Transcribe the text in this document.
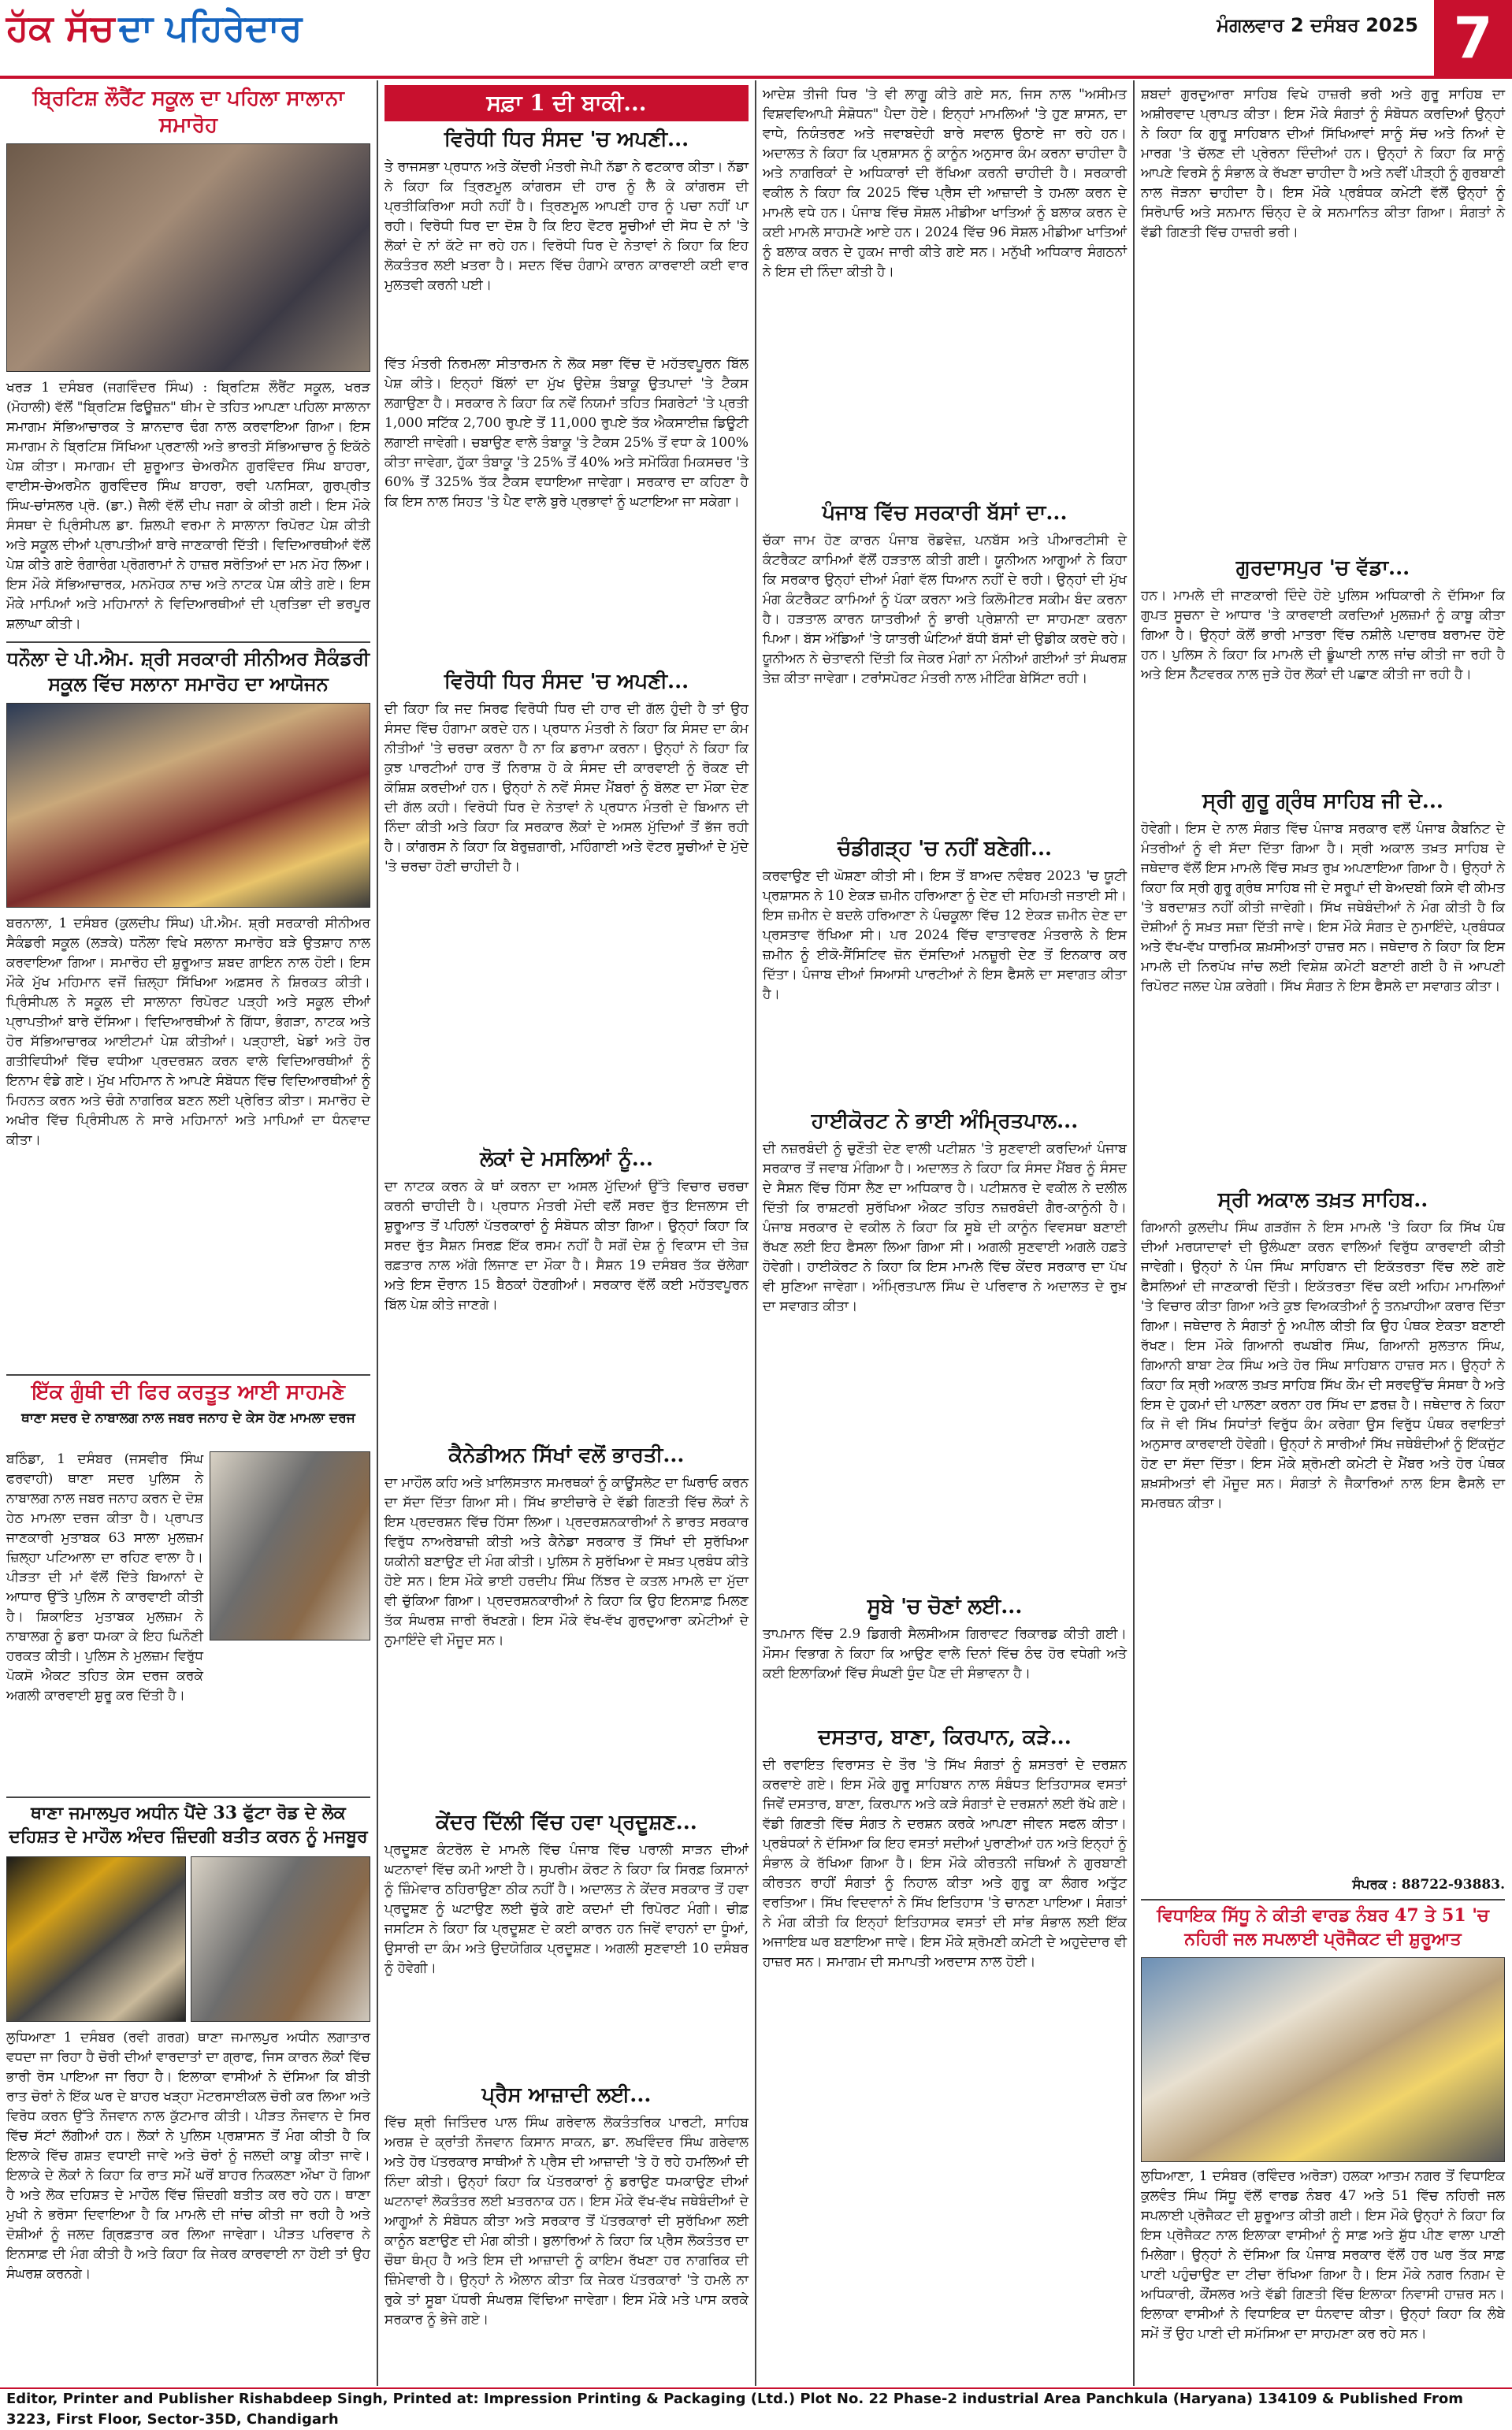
ਹੱਕ ਸੱਚ ਦਾ ਪਹਿਰੇਦਾਰ	ਮੰਗਲਵਾਰ 2 ਦਸੰਬਰ 2025 7
ਬ੍ਰਿਟਿਸ਼ ਲੌਰੈਂਟ ਸਕੂਲ ਦਾ ਪਹਿਲਾ ਸਾਲਾਨਾ ਸਮਾਰੋਹ
ਖਰੜ 1 ਦਸੰਬਰ (ਜਗਵਿੰਦਰ ਸਿੰਘ) : ਬ੍ਰਿਟਿਸ਼ ਲੌਰੈਂਟ ਸਕੂਲ, ਖਰੜ (ਮੋਹਾਲੀ) ਵੱਲੋਂ "ਬ੍ਰਿਟਿਸ਼ ਫਿਊਜ਼ਨ" ਥੀਮ ਦੇ ਤਹਿਤ ਆਪਣਾ ਪਹਿਲਾ ਸਾਲਾਨਾ ਸਮਾਗਮ ਸੱਭਿਆਚਾਰਕ ਤੇ ਸ਼ਾਨਦਾਰ ਢੰਗ ਨਾਲ ਕਰਵਾਇਆ ਗਿਆ। ਇਸ ਸਮਾਗਮ ਨੇ ਬ੍ਰਿਟਿਸ਼ ਸਿੱਖਿਆ ਪ੍ਰਣਾਲੀ ਅਤੇ ਭਾਰਤੀ ਸੱਭਿਆਚਾਰ ਨੂੰ ਇਕੱਠੇ ਪੇਸ਼ ਕੀਤਾ। ਸਮਾਗਮ ਦੀ ਸ਼ੁਰੂਆਤ ਚੇਅਰਮੈਨ ਗੁਰਵਿੰਦਰ ਸਿੰਘ ਬਾਹਰਾ, ਵਾਈਸ-ਚੇਅਰਮੈਨ ਗੁਰਵਿੰਦਰ ਸਿੰਘ ਬਾਹਰਾ, ਰਵੀ ਪਨਸਿਕਾ, ਗੁਰਪ੍ਰੀਤ ਸਿੰਘ-ਚਾਂਸਲਰ ਪ੍ਰੋ. (ਡਾ.) ਜੈਲੀ ਵੱਲੋਂ ਦੀਪ ਜਗਾ ਕੇ ਕੀਤੀ ਗਈ। ਇਸ ਮੌਕੇ ਸੰਸਥਾ ਦੇ ਪ੍ਰਿੰਸੀਪਲ ਡਾ. ਸ਼ਿਲਪੀ ਵਰਮਾ ਨੇ ਸਾਲਾਨਾ ਰਿਪੋਰਟ ਪੇਸ਼ ਕੀਤੀ ਅਤੇ ਸਕੂਲ ਦੀਆਂ ਪ੍ਰਾਪਤੀਆਂ ਬਾਰੇ ਜਾਣਕਾਰੀ ਦਿੱਤੀ। ਵਿਦਿਆਰਥੀਆਂ ਵੱਲੋਂ ਪੇਸ਼ ਕੀਤੇ ਗਏ ਰੰਗਾਰੰਗ ਪ੍ਰੋਗਰਾਮਾਂ ਨੇ ਹਾਜ਼ਰ ਸਰੋਤਿਆਂ ਦਾ ਮਨ ਮੋਹ ਲਿਆ। ਇਸ ਮੌਕੇ ਸੱਭਿਆਚਾਰਕ, ਮਨਮੋਹਕ ਨਾਚ ਅਤੇ ਨਾਟਕ ਪੇਸ਼ ਕੀਤੇ ਗਏ। ਇਸ ਮੌਕੇ ਮਾਪਿਆਂ ਅਤੇ ਮਹਿਮਾਨਾਂ ਨੇ ਵਿਦਿਆਰਥੀਆਂ ਦੀ ਪ੍ਰਤਿਭਾ ਦੀ ਭਰਪੂਰ ਸ਼ਲਾਘਾ ਕੀਤੀ।
ਧਨੌਲਾ ਦੇ ਪੀ.ਐਮ. ਸ਼੍ਰੀ ਸਰਕਾਰੀ ਸੀਨੀਅਰ ਸੈਕੰਡਰੀ ਸਕੂਲ ਵਿੱਚ ਸਲਾਨਾ ਸਮਾਰੋਹ ਦਾ ਆਯੋਜਨ
ਬਰਨਾਲਾ, 1 ਦਸੰਬਰ (ਕੁਲਦੀਪ ਸਿੰਘ) ਪੀ.ਐਮ. ਸ਼੍ਰੀ ਸਰਕਾਰੀ ਸੀਨੀਅਰ ਸੈਕੰਡਰੀ ਸਕੂਲ (ਲੜਕੇ) ਧਨੌਲਾ ਵਿਖੇ ਸਲਾਨਾ ਸਮਾਰੋਹ ਬੜੇ ਉਤਸ਼ਾਹ ਨਾਲ ਕਰਵਾਇਆ ਗਿਆ। ਸਮਾਰੋਹ ਦੀ ਸ਼ੁਰੂਆਤ ਸ਼ਬਦ ਗਾਇਨ ਨਾਲ ਹੋਈ। ਇਸ ਮੌਕੇ ਮੁੱਖ ਮਹਿਮਾਨ ਵਜੋਂ ਜ਼ਿਲ੍ਹਾ ਸਿੱਖਿਆ ਅਫ਼ਸਰ ਨੇ ਸ਼ਿਰਕਤ ਕੀਤੀ। ਪ੍ਰਿੰਸੀਪਲ ਨੇ ਸਕੂਲ ਦੀ ਸਾਲਾਨਾ ਰਿਪੋਰਟ ਪੜ੍ਹੀ ਅਤੇ ਸਕੂਲ ਦੀਆਂ ਪ੍ਰਾਪਤੀਆਂ ਬਾਰੇ ਦੱਸਿਆ। ਵਿਦਿਆਰਥੀਆਂ ਨੇ ਗਿੱਧਾ, ਭੰਗੜਾ, ਨਾਟਕ ਅਤੇ ਹੋਰ ਸੱਭਿਆਚਾਰਕ ਆਈਟਮਾਂ ਪੇਸ਼ ਕੀਤੀਆਂ। ਪੜ੍ਹਾਈ, ਖੇਡਾਂ ਅਤੇ ਹੋਰ ਗਤੀਵਿਧੀਆਂ ਵਿੱਚ ਵਧੀਆ ਪ੍ਰਦਰਸ਼ਨ ਕਰਨ ਵਾਲੇ ਵਿਦਿਆਰਥੀਆਂ ਨੂੰ ਇਨਾਮ ਵੰਡੇ ਗਏ। ਮੁੱਖ ਮਹਿਮਾਨ ਨੇ ਆਪਣੇ ਸੰਬੋਧਨ ਵਿੱਚ ਵਿਦਿਆਰਥੀਆਂ ਨੂੰ ਮਿਹਨਤ ਕਰਨ ਅਤੇ ਚੰਗੇ ਨਾਗਰਿਕ ਬਣਨ ਲਈ ਪ੍ਰੇਰਿਤ ਕੀਤਾ। ਸਮਾਰੋਹ ਦੇ ਅਖੀਰ ਵਿੱਚ ਪ੍ਰਿੰਸੀਪਲ ਨੇ ਸਾਰੇ ਮਹਿਮਾਨਾਂ ਅਤੇ ਮਾਪਿਆਂ ਦਾ ਧੰਨਵਾਦ ਕੀਤਾ।
ਇੱਕ ਗੁੰਥੀ ਦੀ ਫਿਰ ਕਰਤੂਤ ਆਈ ਸਾਹਮਣੇ
ਥਾਣਾ ਸਦਰ ਦੇ ਨਾਬਾਲਗ ਨਾਲ ਜਬਰ ਜਨਾਹ ਦੇ ਕੇਸ ਹੋਣ ਮਾਮਲਾ ਦਰਜ
ਬਠਿੰਡਾ, 1 ਦਸੰਬਰ (ਜਸਵੀਰ ਸਿੰਘ ਫਰਵਾਹੀ) ਥਾਣਾ ਸਦਰ ਪੁਲਿਸ ਨੇ ਨਾਬਾਲਗ ਨਾਲ ਜਬਰ ਜਨਾਹ ਕਰਨ ਦੇ ਦੋਸ਼ ਹੇਠ ਮਾਮਲਾ ਦਰਜ ਕੀਤਾ ਹੈ। ਪ੍ਰਾਪਤ ਜਾਣਕਾਰੀ ਮੁਤਾਬਕ 63 ਸਾਲਾ ਮੁਲਜ਼ਮ ਜ਼ਿਲ੍ਹਾ ਪਟਿਆਲਾ ਦਾ ਰਹਿਣ ਵਾਲਾ ਹੈ। ਪੀੜਤਾ ਦੀ ਮਾਂ ਵੱਲੋਂ ਦਿੱਤੇ ਬਿਆਨਾਂ ਦੇ ਆਧਾਰ ਉੱਤੇ ਪੁਲਿਸ ਨੇ ਕਾਰਵਾਈ ਕੀਤੀ ਹੈ। ਸ਼ਿਕਾਇਤ ਮੁਤਾਬਕ ਮੁਲਜ਼ਮ ਨੇ ਨਾਬਾਲਗ ਨੂੰ ਡਰਾ ਧਮਕਾ ਕੇ ਇਹ ਘਿਨੌਣੀ ਹਰਕਤ ਕੀਤੀ। ਪੁਲਿਸ ਨੇ ਮੁਲਜ਼ਮ ਵਿਰੁੱਧ ਪੋਕਸੋ ਐਕਟ ਤਹਿਤ ਕੇਸ ਦਰਜ ਕਰਕੇ ਅਗਲੀ ਕਾਰਵਾਈ ਸ਼ੁਰੂ ਕਰ ਦਿੱਤੀ ਹੈ।
ਥਾਣਾ ਜਮਾਲਪੁਰ ਅਧੀਨ ਪੈਂਦੇ 33 ਫੁੱਟਾ ਰੋਡ ਦੇ ਲੋਕ ਦਹਿਸ਼ਤ ਦੇ ਮਾਹੌਲ ਅੰਦਰ ਜ਼ਿੰਦਗੀ ਬਤੀਤ ਕਰਨ ਨੂੰ ਮਜਬੂਰ
ਲੁਧਿਆਣਾ 1 ਦਸੰਬਰ (ਰਵੀ ਗਰਗ) ਥਾਣਾ ਜਮਾਲਪੁਰ ਅਧੀਨ ਲਗਾਤਾਰ ਵਧਦਾ ਜਾ ਰਿਹਾ ਹੈ ਚੋਰੀ ਦੀਆਂ ਵਾਰਦਾਤਾਂ ਦਾ ਗ੍ਰਾਫ, ਜਿਸ ਕਾਰਨ ਲੋਕਾਂ ਵਿੱਚ ਭਾਰੀ ਰੋਸ ਪਾਇਆ ਜਾ ਰਿਹਾ ਹੈ। ਇਲਾਕਾ ਵਾਸੀਆਂ ਨੇ ਦੱਸਿਆ ਕਿ ਬੀਤੀ ਰਾਤ ਚੋਰਾਂ ਨੇ ਇੱਕ ਘਰ ਦੇ ਬਾਹਰ ਖੜ੍ਹਾ ਮੋਟਰਸਾਈਕਲ ਚੋਰੀ ਕਰ ਲਿਆ ਅਤੇ ਵਿਰੋਧ ਕਰਨ ਉੱਤੇ ਨੌਜਵਾਨ ਨਾਲ ਕੁੱਟਮਾਰ ਕੀਤੀ। ਪੀੜਤ ਨੌਜਵਾਨ ਦੇ ਸਿਰ ਵਿੱਚ ਸੱਟਾਂ ਲੱਗੀਆਂ ਹਨ। ਲੋਕਾਂ ਨੇ ਪੁਲਿਸ ਪ੍ਰਸ਼ਾਸਨ ਤੋਂ ਮੰਗ ਕੀਤੀ ਹੈ ਕਿ ਇਲਾਕੇ ਵਿੱਚ ਗਸ਼ਤ ਵਧਾਈ ਜਾਵੇ ਅਤੇ ਚੋਰਾਂ ਨੂੰ ਜਲਦੀ ਕਾਬੂ ਕੀਤਾ ਜਾਵੇ। ਇਲਾਕੇ ਦੇ ਲੋਕਾਂ ਨੇ ਕਿਹਾ ਕਿ ਰਾਤ ਸਮੇਂ ਘਰੋਂ ਬਾਹਰ ਨਿਕਲਣਾ ਔਖਾ ਹੋ ਗਿਆ ਹੈ ਅਤੇ ਲੋਕ ਦਹਿਸ਼ਤ ਦੇ ਮਾਹੌਲ ਵਿੱਚ ਜ਼ਿੰਦਗੀ ਬਤੀਤ ਕਰ ਰਹੇ ਹਨ। ਥਾਣਾ ਮੁਖੀ ਨੇ ਭਰੋਸਾ ਦਿਵਾਇਆ ਹੈ ਕਿ ਮਾਮਲੇ ਦੀ ਜਾਂਚ ਕੀਤੀ ਜਾ ਰਹੀ ਹੈ ਅਤੇ ਦੋਸ਼ੀਆਂ ਨੂੰ ਜਲਦ ਗ੍ਰਿਫ਼ਤਾਰ ਕਰ ਲਿਆ ਜਾਵੇਗਾ। ਪੀੜਤ ਪਰਿਵਾਰ ਨੇ ਇਨਸਾਫ਼ ਦੀ ਮੰਗ ਕੀਤੀ ਹੈ ਅਤੇ ਕਿਹਾ ਕਿ ਜੇਕਰ ਕਾਰਵਾਈ ਨਾ ਹੋਈ ਤਾਂ ਉਹ ਸੰਘਰਸ਼ ਕਰਨਗੇ।
ਸਫ਼ਾ 1 ਦੀ ਬਾਕੀ...
ਵਿਰੋਧੀ ਧਿਰ ਸੰਸਦ 'ਚ ਅਪਣੀ...
ਤੇ ਰਾਜਸਭਾ ਪ੍ਰਧਾਨ ਅਤੇ ਕੇਂਦਰੀ ਮੰਤਰੀ ਜੇਪੀ ਨੱਡਾ ਨੇ ਫਟਕਾਰ ਕੀਤਾ। ਨੱਡਾ ਨੇ ਕਿਹਾ ਕਿ ਤ੍ਰਿਣਮੂਲ ਕਾਂਗਰਸ ਦੀ ਹਾਰ ਨੂੰ ਲੈ ਕੇ ਕਾਂਗਰਸ ਦੀ ਪ੍ਰਤੀਕਿਰਿਆ ਸਹੀ ਨਹੀਂ ਹੈ। ਤ੍ਰਿਣਮੂਲ ਆਪਣੀ ਹਾਰ ਨੂੰ ਪਚਾ ਨਹੀਂ ਪਾ ਰਹੀ। ਵਿਰੋਧੀ ਧਿਰ ਦਾ ਦੋਸ਼ ਹੈ ਕਿ ਇਹ ਵੋਟਰ ਸੂਚੀਆਂ ਦੀ ਸੋਧ ਦੇ ਨਾਂ 'ਤੇ ਲੋਕਾਂ ਦੇ ਨਾਂ ਕੱਟੇ ਜਾ ਰਹੇ ਹਨ। ਵਿਰੋਧੀ ਧਿਰ ਦੇ ਨੇਤਾਵਾਂ ਨੇ ਕਿਹਾ ਕਿ ਇਹ ਲੋਕਤੰਤਰ ਲਈ ਖ਼ਤਰਾ ਹੈ। ਸਦਨ ਵਿੱਚ ਹੰਗਾਮੇ ਕਾਰਨ ਕਾਰਵਾਈ ਕਈ ਵਾਰ ਮੁਲਤਵੀ ਕਰਨੀ ਪਈ।
ਵਿੱਤ ਮੰਤਰੀ ਨਿਰਮਲਾ ਸੀਤਾਰਮਨ ਨੇ ਲੋਕ ਸਭਾ ਵਿੱਚ ਦੋ ਮਹੱਤਵਪੂਰਨ ਬਿੱਲ ਪੇਸ਼ ਕੀਤੇ। ਇਨ੍ਹਾਂ ਬਿੱਲਾਂ ਦਾ ਮੁੱਖ ਉਦੇਸ਼ ਤੰਬਾਕੂ ਉਤਪਾਦਾਂ 'ਤੇ ਟੈਕਸ ਲਗਾਉਣਾ ਹੈ। ਸਰਕਾਰ ਨੇ ਕਿਹਾ ਕਿ ਨਵੇਂ ਨਿਯਮਾਂ ਤਹਿਤ ਸਿਗਰੇਟਾਂ 'ਤੇ ਪ੍ਰਤੀ 1,000 ਸਟਿੱਕ 2,700 ਰੁਪਏ ਤੋਂ 11,000 ਰੁਪਏ ਤੱਕ ਐਕਸਾਈਜ਼ ਡਿਊਟੀ ਲਗਾਈ ਜਾਵੇਗੀ। ਚਬਾਉਣ ਵਾਲੇ ਤੰਬਾਕੂ 'ਤੇ ਟੈਕਸ 25% ਤੋਂ ਵਧਾ ਕੇ 100% ਕੀਤਾ ਜਾਵੇਗਾ, ਹੁੱਕਾ ਤੰਬਾਕੂ 'ਤੇ 25% ਤੋਂ 40% ਅਤੇ ਸਮੋਕਿੰਗ ਮਿਕਸਚਰ 'ਤੇ 60% ਤੋਂ 325% ਤੱਕ ਟੈਕਸ ਵਧਾਇਆ ਜਾਵੇਗਾ। ਸਰਕਾਰ ਦਾ ਕਹਿਣਾ ਹੈ ਕਿ ਇਸ ਨਾਲ ਸਿਹਤ 'ਤੇ ਪੈਣ ਵਾਲੇ ਬੁਰੇ ਪ੍ਰਭਾਵਾਂ ਨੂੰ ਘਟਾਇਆ ਜਾ ਸਕੇਗਾ।
ਵਿਰੋਧੀ ਧਿਰ ਸੰਸਦ 'ਚ ਅਪਣੀ...
ਦੀ ਕਿਹਾ ਕਿ ਜਦ ਸਿਰਫ ਵਿਰੋਧੀ ਧਿਰ ਦੀ ਹਾਰ ਦੀ ਗੱਲ ਹੁੰਦੀ ਹੈ ਤਾਂ ਉਹ ਸੰਸਦ ਵਿੱਚ ਹੰਗਾਮਾ ਕਰਦੇ ਹਨ। ਪ੍ਰਧਾਨ ਮੰਤਰੀ ਨੇ ਕਿਹਾ ਕਿ ਸੰਸਦ ਦਾ ਕੰਮ ਨੀਤੀਆਂ 'ਤੇ ਚਰਚਾ ਕਰਨਾ ਹੈ ਨਾ ਕਿ ਡਰਾਮਾ ਕਰਨਾ। ਉਨ੍ਹਾਂ ਨੇ ਕਿਹਾ ਕਿ ਕੁਝ ਪਾਰਟੀਆਂ ਹਾਰ ਤੋਂ ਨਿਰਾਸ਼ ਹੋ ਕੇ ਸੰਸਦ ਦੀ ਕਾਰਵਾਈ ਨੂੰ ਰੋਕਣ ਦੀ ਕੋਸ਼ਿਸ਼ ਕਰਦੀਆਂ ਹਨ। ਉਨ੍ਹਾਂ ਨੇ ਨਵੇਂ ਸੰਸਦ ਮੈਂਬਰਾਂ ਨੂੰ ਬੋਲਣ ਦਾ ਮੌਕਾ ਦੇਣ ਦੀ ਗੱਲ ਕਹੀ। ਵਿਰੋਧੀ ਧਿਰ ਦੇ ਨੇਤਾਵਾਂ ਨੇ ਪ੍ਰਧਾਨ ਮੰਤਰੀ ਦੇ ਬਿਆਨ ਦੀ ਨਿੰਦਾ ਕੀਤੀ ਅਤੇ ਕਿਹਾ ਕਿ ਸਰਕਾਰ ਲੋਕਾਂ ਦੇ ਅਸਲ ਮੁੱਦਿਆਂ ਤੋਂ ਭੱਜ ਰਹੀ ਹੈ। ਕਾਂਗਰਸ ਨੇ ਕਿਹਾ ਕਿ ਬੇਰੁਜ਼ਗਾਰੀ, ਮਹਿੰਗਾਈ ਅਤੇ ਵੋਟਰ ਸੂਚੀਆਂ ਦੇ ਮੁੱਦੇ 'ਤੇ ਚਰਚਾ ਹੋਣੀ ਚਾਹੀਦੀ ਹੈ।
ਲੋਕਾਂ ਦੇ ਮਸਲਿਆਂ ਨੂੰ...
ਦਾ ਨਾਟਕ ਕਰਨ ਕੇ ਥਾਂ ਕਰਨਾ ਦਾ ਅਸਲ ਮੁੱਦਿਆਂ ਉੱਤੇ ਵਿਚਾਰ ਚਰਚਾ ਕਰਨੀ ਚਾਹੀਦੀ ਹੈ। ਪ੍ਰਧਾਨ ਮੰਤਰੀ ਮੋਦੀ ਵਲੋਂ ਸਰਦ ਰੁੱਤ ਇਜਲਾਸ ਦੀ ਸ਼ੁਰੂਆਤ ਤੋਂ ਪਹਿਲਾਂ ਪੱਤਰਕਾਰਾਂ ਨੂੰ ਸੰਬੋਧਨ ਕੀਤਾ ਗਿਆ। ਉਨ੍ਹਾਂ ਕਿਹਾ ਕਿ ਸਰਦ ਰੁੱਤ ਸੈਸ਼ਨ ਸਿਰਫ਼ ਇੱਕ ਰਸਮ ਨਹੀਂ ਹੈ ਸਗੋਂ ਦੇਸ਼ ਨੂੰ ਵਿਕਾਸ ਦੀ ਤੇਜ਼ ਰਫ਼ਤਾਰ ਨਾਲ ਅੱਗੇ ਲਿਜਾਣ ਦਾ ਮੌਕਾ ਹੈ। ਸੈਸ਼ਨ 19 ਦਸੰਬਰ ਤੱਕ ਚੱਲੇਗਾ ਅਤੇ ਇਸ ਦੌਰਾਨ 15 ਬੈਠਕਾਂ ਹੋਣਗੀਆਂ। ਸਰਕਾਰ ਵੱਲੋਂ ਕਈ ਮਹੱਤਵਪੂਰਨ ਬਿੱਲ ਪੇਸ਼ ਕੀਤੇ ਜਾਣਗੇ।
ਕੈਨੇਡੀਅਨ ਸਿੱਖਾਂ ਵਲੋਂ ਭਾਰਤੀ...
ਦਾ ਮਾਹੌਲ ਕਹਿ ਅਤੇ ਖ਼ਾਲਿਸਤਾਨ ਸਮਰਥਕਾਂ ਨੂੰ ਕਾਊਂਸਲੇਟ ਦਾ ਘਿਰਾਓ ਕਰਨ ਦਾ ਸੱਦਾ ਦਿੱਤਾ ਗਿਆ ਸੀ। ਸਿੱਖ ਭਾਈਚਾਰੇ ਦੇ ਵੱਡੀ ਗਿਣਤੀ ਵਿੱਚ ਲੋਕਾਂ ਨੇ ਇਸ ਪ੍ਰਦਰਸ਼ਨ ਵਿੱਚ ਹਿੱਸਾ ਲਿਆ। ਪ੍ਰਦਰਸ਼ਨਕਾਰੀਆਂ ਨੇ ਭਾਰਤ ਸਰਕਾਰ ਵਿਰੁੱਧ ਨਾਅਰੇਬਾਜ਼ੀ ਕੀਤੀ ਅਤੇ ਕੈਨੇਡਾ ਸਰਕਾਰ ਤੋਂ ਸਿੱਖਾਂ ਦੀ ਸੁਰੱਖਿਆ ਯਕੀਨੀ ਬਣਾਉਣ ਦੀ ਮੰਗ ਕੀਤੀ। ਪੁਲਿਸ ਨੇ ਸੁਰੱਖਿਆ ਦੇ ਸਖ਼ਤ ਪ੍ਰਬੰਧ ਕੀਤੇ ਹੋਏ ਸਨ। ਇਸ ਮੌਕੇ ਭਾਈ ਹਰਦੀਪ ਸਿੰਘ ਨਿੱਝਰ ਦੇ ਕਤਲ ਮਾਮਲੇ ਦਾ ਮੁੱਦਾ ਵੀ ਚੁੱਕਿਆ ਗਿਆ। ਪ੍ਰਦਰਸ਼ਨਕਾਰੀਆਂ ਨੇ ਕਿਹਾ ਕਿ ਉਹ ਇਨਸਾਫ਼ ਮਿਲਣ ਤੱਕ ਸੰਘਰਸ਼ ਜਾਰੀ ਰੱਖਣਗੇ। ਇਸ ਮੌਕੇ ਵੱਖ-ਵੱਖ ਗੁਰਦੁਆਰਾ ਕਮੇਟੀਆਂ ਦੇ ਨੁਮਾਇੰਦੇ ਵੀ ਮੌਜੂਦ ਸਨ।
ਕੇਂਦਰ ਦਿੱਲੀ ਵਿੱਚ ਹਵਾ ਪ੍ਰਦੂਸ਼ਣ...
ਪ੍ਰਦੂਸ਼ਣ ਕੰਟਰੋਲ ਦੇ ਮਾਮਲੇ ਵਿੱਚ ਪੰਜਾਬ ਵਿੱਚ ਪਰਾਲੀ ਸਾੜਨ ਦੀਆਂ ਘਟਨਾਵਾਂ ਵਿੱਚ ਕਮੀ ਆਈ ਹੈ। ਸੁਪਰੀਮ ਕੋਰਟ ਨੇ ਕਿਹਾ ਕਿ ਸਿਰਫ਼ ਕਿਸਾਨਾਂ ਨੂੰ ਜ਼ਿੰਮੇਵਾਰ ਠਹਿਰਾਉਣਾ ਠੀਕ ਨਹੀਂ ਹੈ। ਅਦਾਲਤ ਨੇ ਕੇਂਦਰ ਸਰਕਾਰ ਤੋਂ ਹਵਾ ਪ੍ਰਦੂਸ਼ਣ ਨੂੰ ਘਟਾਉਣ ਲਈ ਚੁੱਕੇ ਗਏ ਕਦਮਾਂ ਦੀ ਰਿਪੋਰਟ ਮੰਗੀ। ਚੀਫ਼ ਜਸਟਿਸ ਨੇ ਕਿਹਾ ਕਿ ਪ੍ਰਦੂਸ਼ਣ ਦੇ ਕਈ ਕਾਰਨ ਹਨ ਜਿਵੇਂ ਵਾਹਨਾਂ ਦਾ ਧੂੰਆਂ, ਉਸਾਰੀ ਦਾ ਕੰਮ ਅਤੇ ਉਦਯੋਗਿਕ ਪ੍ਰਦੂਸ਼ਣ। ਅਗਲੀ ਸੁਣਵਾਈ 10 ਦਸੰਬਰ ਨੂੰ ਹੋਵੇਗੀ।
ਪ੍ਰੈਸ ਆਜ਼ਾਦੀ ਲਈ...
ਵਿੱਚ ਸ਼੍ਰੀ ਜਿਤਿੰਦਰ ਪਾਲ ਸਿੰਘ ਗਰੇਵਾਲ ਲੋਕਤੰਤਰਿਕ ਪਾਰਟੀ, ਸਾਹਿਬ ਅਰਸ਼ ਦੇ ਕ੍ਰਾਂਤੀ ਨੌਜਵਾਨ ਕਿਸਾਨ ਸਾਕਨ, ਡਾ. ਲਖਵਿੰਦਰ ਸਿੰਘ ਗਰੇਵਾਲ ਅਤੇ ਹੋਰ ਪੱਤਰਕਾਰ ਸਾਥੀਆਂ ਨੇ ਪ੍ਰੈਸ ਦੀ ਆਜ਼ਾਦੀ 'ਤੇ ਹੋ ਰਹੇ ਹਮਲਿਆਂ ਦੀ ਨਿੰਦਾ ਕੀਤੀ। ਉਨ੍ਹਾਂ ਕਿਹਾ ਕਿ ਪੱਤਰਕਾਰਾਂ ਨੂੰ ਡਰਾਉਣ ਧਮਕਾਉਣ ਦੀਆਂ ਘਟਨਾਵਾਂ ਲੋਕਤੰਤਰ ਲਈ ਖ਼ਤਰਨਾਕ ਹਨ। ਇਸ ਮੌਕੇ ਵੱਖ-ਵੱਖ ਜਥੇਬੰਦੀਆਂ ਦੇ ਆਗੂਆਂ ਨੇ ਸੰਬੋਧਨ ਕੀਤਾ ਅਤੇ ਸਰਕਾਰ ਤੋਂ ਪੱਤਰਕਾਰਾਂ ਦੀ ਸੁਰੱਖਿਆ ਲਈ ਕਾਨੂੰਨ ਬਣਾਉਣ ਦੀ ਮੰਗ ਕੀਤੀ। ਬੁਲਾਰਿਆਂ ਨੇ ਕਿਹਾ ਕਿ ਪ੍ਰੈਸ ਲੋਕਤੰਤਰ ਦਾ ਚੌਥਾ ਥੰਮ੍ਹ ਹੈ ਅਤੇ ਇਸ ਦੀ ਆਜ਼ਾਦੀ ਨੂੰ ਕਾਇਮ ਰੱਖਣਾ ਹਰ ਨਾਗਰਿਕ ਦੀ ਜ਼ਿੰਮੇਵਾਰੀ ਹੈ। ਉਨ੍ਹਾਂ ਨੇ ਐਲਾਨ ਕੀਤਾ ਕਿ ਜੇਕਰ ਪੱਤਰਕਾਰਾਂ 'ਤੇ ਹਮਲੇ ਨਾ ਰੁਕੇ ਤਾਂ ਸੂਬਾ ਪੱਧਰੀ ਸੰਘਰਸ਼ ਵਿੱਢਿਆ ਜਾਵੇਗਾ। ਇਸ ਮੌਕੇ ਮਤੇ ਪਾਸ ਕਰਕੇ ਸਰਕਾਰ ਨੂੰ ਭੇਜੇ ਗਏ।
ਆਦੇਸ਼ ਤੀਜੀ ਧਿਰ 'ਤੇ ਵੀ ਲਾਗੂ ਕੀਤੇ ਗਏ ਸਨ, ਜਿਸ ਨਾਲ "ਅਸੀਮਤ ਵਿਸ਼ਵਵਿਆਪੀ ਸੰਸ਼ੋਧਨ" ਪੈਦਾ ਹੋਏ। ਇਨ੍ਹਾਂ ਮਾਮਲਿਆਂ 'ਤੇ ਹੁਣ ਸ਼ਾਸਨ, ਦਾ ਵਾਧੇ, ਨਿਯੰਤਰਣ ਅਤੇ ਜਵਾਬਦੇਹੀ ਬਾਰੇ ਸਵਾਲ ਉਠਾਏ ਜਾ ਰਹੇ ਹਨ। ਅਦਾਲਤ ਨੇ ਕਿਹਾ ਕਿ ਪ੍ਰਸ਼ਾਸਨ ਨੂੰ ਕਾਨੂੰਨ ਅਨੁਸਾਰ ਕੰਮ ਕਰਨਾ ਚਾਹੀਦਾ ਹੈ ਅਤੇ ਨਾਗਰਿਕਾਂ ਦੇ ਅਧਿਕਾਰਾਂ ਦੀ ਰੱਖਿਆ ਕਰਨੀ ਚਾਹੀਦੀ ਹੈ। ਸਰਕਾਰੀ ਵਕੀਲ ਨੇ ਕਿਹਾ ਕਿ 2025 ਵਿੱਚ ਪ੍ਰੈਸ ਦੀ ਆਜ਼ਾਦੀ ਤੇ ਹਮਲਾ ਕਰਨ ਦੇ ਮਾਮਲੇ ਵਧੇ ਹਨ। ਪੰਜਾਬ ਵਿੱਚ ਸੋਸ਼ਲ ਮੀਡੀਆ ਖਾਤਿਆਂ ਨੂੰ ਬਲਾਕ ਕਰਨ ਦੇ ਕਈ ਮਾਮਲੇ ਸਾਹਮਣੇ ਆਏ ਹਨ। 2024 ਵਿੱਚ 96 ਸੋਸ਼ਲ ਮੀਡੀਆ ਖਾਤਿਆਂ ਨੂੰ ਬਲਾਕ ਕਰਨ ਦੇ ਹੁਕਮ ਜਾਰੀ ਕੀਤੇ ਗਏ ਸਨ। ਮਨੁੱਖੀ ਅਧਿਕਾਰ ਸੰਗਠਨਾਂ ਨੇ ਇਸ ਦੀ ਨਿੰਦਾ ਕੀਤੀ ਹੈ।
ਪੰਜਾਬ ਵਿੱਚ ਸਰਕਾਰੀ ਬੱਸਾਂ ਦਾ...
ਚੱਕਾ ਜਾਮ ਹੋਣ ਕਾਰਨ ਪੰਜਾਬ ਰੋਡਵੇਜ਼, ਪਨਬੱਸ ਅਤੇ ਪੀਆਰਟੀਸੀ ਦੇ ਕੰਟਰੈਕਟ ਕਾਮਿਆਂ ਵੱਲੋਂ ਹੜਤਾਲ ਕੀਤੀ ਗਈ। ਯੂਨੀਅਨ ਆਗੂਆਂ ਨੇ ਕਿਹਾ ਕਿ ਸਰਕਾਰ ਉਨ੍ਹਾਂ ਦੀਆਂ ਮੰਗਾਂ ਵੱਲ ਧਿਆਨ ਨਹੀਂ ਦੇ ਰਹੀ। ਉਨ੍ਹਾਂ ਦੀ ਮੁੱਖ ਮੰਗ ਕੰਟਰੈਕਟ ਕਾਮਿਆਂ ਨੂੰ ਪੱਕਾ ਕਰਨਾ ਅਤੇ ਕਿਲੋਮੀਟਰ ਸਕੀਮ ਬੰਦ ਕਰਨਾ ਹੈ। ਹੜਤਾਲ ਕਾਰਨ ਯਾਤਰੀਆਂ ਨੂੰ ਭਾਰੀ ਪ੍ਰੇਸ਼ਾਨੀ ਦਾ ਸਾਹਮਣਾ ਕਰਨਾ ਪਿਆ। ਬੱਸ ਅੱਡਿਆਂ 'ਤੇ ਯਾਤਰੀ ਘੰਟਿਆਂ ਬੱਧੀ ਬੱਸਾਂ ਦੀ ਉਡੀਕ ਕਰਦੇ ਰਹੇ। ਯੂਨੀਅਨ ਨੇ ਚੇਤਾਵਨੀ ਦਿੱਤੀ ਕਿ ਜੇਕਰ ਮੰਗਾਂ ਨਾ ਮੰਨੀਆਂ ਗਈਆਂ ਤਾਂ ਸੰਘਰਸ਼ ਤੇਜ਼ ਕੀਤਾ ਜਾਵੇਗਾ। ਟਰਾਂਸਪੋਰਟ ਮੰਤਰੀ ਨਾਲ ਮੀਟਿੰਗ ਬੇਸਿੱਟਾ ਰਹੀ।
ਚੰਡੀਗੜ੍ਹ 'ਚ ਨਹੀਂ ਬਣੇਗੀ...
ਕਰਵਾਉਣ ਦੀ ਘੋਸ਼ਣਾ ਕੀਤੀ ਸੀ। ਇਸ ਤੋਂ ਬਾਅਦ ਨਵੰਬਰ 2023 'ਚ ਯੂਟੀ ਪ੍ਰਸ਼ਾਸਨ ਨੇ 10 ਏਕੜ ਜ਼ਮੀਨ ਹਰਿਆਣਾ ਨੂੰ ਦੇਣ ਦੀ ਸਹਿਮਤੀ ਜਤਾਈ ਸੀ। ਇਸ ਜ਼ਮੀਨ ਦੇ ਬਦਲੇ ਹਰਿਆਣਾ ਨੇ ਪੰਚਕੂਲਾ ਵਿੱਚ 12 ਏਕੜ ਜ਼ਮੀਨ ਦੇਣ ਦਾ ਪ੍ਰਸਤਾਵ ਰੱਖਿਆ ਸੀ। ਪਰ 2024 ਵਿੱਚ ਵਾਤਾਵਰਣ ਮੰਤਰਾਲੇ ਨੇ ਇਸ ਜ਼ਮੀਨ ਨੂੰ ਈਕੋ-ਸੈਂਸਿਟਿਵ ਜ਼ੋਨ ਦੱਸਦਿਆਂ ਮਨਜ਼ੂਰੀ ਦੇਣ ਤੋਂ ਇਨਕਾਰ ਕਰ ਦਿੱਤਾ। ਪੰਜਾਬ ਦੀਆਂ ਸਿਆਸੀ ਪਾਰਟੀਆਂ ਨੇ ਇਸ ਫੈਸਲੇ ਦਾ ਸਵਾਗਤ ਕੀਤਾ ਹੈ।
ਹਾਈਕੋਰਟ ਨੇ ਭਾਈ ਅੰਮ੍ਰਿਤਪਾਲ...
ਦੀ ਨਜ਼ਰਬੰਦੀ ਨੂੰ ਚੁਣੌਤੀ ਦੇਣ ਵਾਲੀ ਪਟੀਸ਼ਨ 'ਤੇ ਸੁਣਵਾਈ ਕਰਦਿਆਂ ਪੰਜਾਬ ਸਰਕਾਰ ਤੋਂ ਜਵਾਬ ਮੰਗਿਆ ਹੈ। ਅਦਾਲਤ ਨੇ ਕਿਹਾ ਕਿ ਸੰਸਦ ਮੈਂਬਰ ਨੂੰ ਸੰਸਦ ਦੇ ਸੈਸ਼ਨ ਵਿੱਚ ਹਿੱਸਾ ਲੈਣ ਦਾ ਅਧਿਕਾਰ ਹੈ। ਪਟੀਸ਼ਨਰ ਦੇ ਵਕੀਲ ਨੇ ਦਲੀਲ ਦਿੱਤੀ ਕਿ ਰਾਸ਼ਟਰੀ ਸੁਰੱਖਿਆ ਐਕਟ ਤਹਿਤ ਨਜ਼ਰਬੰਦੀ ਗੈਰ-ਕਾਨੂੰਨੀ ਹੈ। ਪੰਜਾਬ ਸਰਕਾਰ ਦੇ ਵਕੀਲ ਨੇ ਕਿਹਾ ਕਿ ਸੂਬੇ ਦੀ ਕਾਨੂੰਨ ਵਿਵਸਥਾ ਬਣਾਈ ਰੱਖਣ ਲਈ ਇਹ ਫੈਸਲਾ ਲਿਆ ਗਿਆ ਸੀ। ਅਗਲੀ ਸੁਣਵਾਈ ਅਗਲੇ ਹਫ਼ਤੇ ਹੋਵੇਗੀ। ਹਾਈਕੋਰਟ ਨੇ ਕਿਹਾ ਕਿ ਇਸ ਮਾਮਲੇ ਵਿੱਚ ਕੇਂਦਰ ਸਰਕਾਰ ਦਾ ਪੱਖ ਵੀ ਸੁਣਿਆ ਜਾਵੇਗਾ। ਅੰਮ੍ਰਿਤਪਾਲ ਸਿੰਘ ਦੇ ਪਰਿਵਾਰ ਨੇ ਅਦਾਲਤ ਦੇ ਰੁਖ਼ ਦਾ ਸਵਾਗਤ ਕੀਤਾ।
ਸੂਬੇ 'ਚ ਚੋਣਾਂ ਲਈ...
ਤਾਪਮਾਨ ਵਿੱਚ 2.9 ਡਿਗਰੀ ਸੈਲਸੀਅਸ ਗਿਰਾਵਟ ਰਿਕਾਰਡ ਕੀਤੀ ਗਈ। ਮੌਸਮ ਵਿਭਾਗ ਨੇ ਕਿਹਾ ਕਿ ਆਉਣ ਵਾਲੇ ਦਿਨਾਂ ਵਿੱਚ ਠੰਢ ਹੋਰ ਵਧੇਗੀ ਅਤੇ ਕਈ ਇਲਾਕਿਆਂ ਵਿੱਚ ਸੰਘਣੀ ਧੁੰਦ ਪੈਣ ਦੀ ਸੰਭਾਵਨਾ ਹੈ।
ਦਸਤਾਰ, ਬਾਣਾ, ਕਿਰਪਾਨ, ਕੜੇ...
ਦੀ ਰਵਾਇਤ ਵਿਰਾਸਤ ਦੇ ਤੌਰ 'ਤੇ ਸਿੱਖ ਸੰਗਤਾਂ ਨੂੰ ਸ਼ਸਤਰਾਂ ਦੇ ਦਰਸ਼ਨ ਕਰਵਾਏ ਗਏ। ਇਸ ਮੌਕੇ ਗੁਰੂ ਸਾਹਿਬਾਨ ਨਾਲ ਸੰਬੰਧਤ ਇਤਿਹਾਸਕ ਵਸਤਾਂ ਜਿਵੇਂ ਦਸਤਾਰ, ਬਾਣਾ, ਕਿਰਪਾਨ ਅਤੇ ਕੜੇ ਸੰਗਤਾਂ ਦੇ ਦਰਸ਼ਨਾਂ ਲਈ ਰੱਖੇ ਗਏ। ਵੱਡੀ ਗਿਣਤੀ ਵਿੱਚ ਸੰਗਤ ਨੇ ਦਰਸ਼ਨ ਕਰਕੇ ਆਪਣਾ ਜੀਵਨ ਸਫਲ ਕੀਤਾ। ਪ੍ਰਬੰਧਕਾਂ ਨੇ ਦੱਸਿਆ ਕਿ ਇਹ ਵਸਤਾਂ ਸਦੀਆਂ ਪੁਰਾਣੀਆਂ ਹਨ ਅਤੇ ਇਨ੍ਹਾਂ ਨੂੰ ਸੰਭਾਲ ਕੇ ਰੱਖਿਆ ਗਿਆ ਹੈ। ਇਸ ਮੌਕੇ ਕੀਰਤਨੀ ਜਥਿਆਂ ਨੇ ਗੁਰਬਾਣੀ ਕੀਰਤਨ ਰਾਹੀਂ ਸੰਗਤਾਂ ਨੂੰ ਨਿਹਾਲ ਕੀਤਾ ਅਤੇ ਗੁਰੂ ਕਾ ਲੰਗਰ ਅਤੁੱਟ ਵਰਤਿਆ। ਸਿੱਖ ਵਿਦਵਾਨਾਂ ਨੇ ਸਿੱਖ ਇਤਿਹਾਸ 'ਤੇ ਚਾਨਣਾ ਪਾਇਆ। ਸੰਗਤਾਂ ਨੇ ਮੰਗ ਕੀਤੀ ਕਿ ਇਨ੍ਹਾਂ ਇਤਿਹਾਸਕ ਵਸਤਾਂ ਦੀ ਸਾਂਭ ਸੰਭਾਲ ਲਈ ਇੱਕ ਅਜਾਇਬ ਘਰ ਬਣਾਇਆ ਜਾਵੇ। ਇਸ ਮੌਕੇ ਸ਼੍ਰੋਮਣੀ ਕਮੇਟੀ ਦੇ ਅਹੁਦੇਦਾਰ ਵੀ ਹਾਜ਼ਰ ਸਨ। ਸਮਾਗਮ ਦੀ ਸਮਾਪਤੀ ਅਰਦਾਸ ਨਾਲ ਹੋਈ।
ਸ਼ਬਦਾਂ ਗੁਰਦੁਆਰਾ ਸਾਹਿਬ ਵਿਖੇ ਹਾਜ਼ਰੀ ਭਰੀ ਅਤੇ ਗੁਰੂ ਸਾਹਿਬ ਦਾ ਅਸ਼ੀਰਵਾਦ ਪ੍ਰਾਪਤ ਕੀਤਾ। ਇਸ ਮੌਕੇ ਸੰਗਤਾਂ ਨੂੰ ਸੰਬੋਧਨ ਕਰਦਿਆਂ ਉਨ੍ਹਾਂ ਨੇ ਕਿਹਾ ਕਿ ਗੁਰੂ ਸਾਹਿਬਾਨ ਦੀਆਂ ਸਿੱਖਿਆਵਾਂ ਸਾਨੂੰ ਸੱਚ ਅਤੇ ਨਿਆਂ ਦੇ ਮਾਰਗ 'ਤੇ ਚੱਲਣ ਦੀ ਪ੍ਰੇਰਨਾ ਦਿੰਦੀਆਂ ਹਨ। ਉਨ੍ਹਾਂ ਨੇ ਕਿਹਾ ਕਿ ਸਾਨੂੰ ਆਪਣੇ ਵਿਰਸੇ ਨੂੰ ਸੰਭਾਲ ਕੇ ਰੱਖਣਾ ਚਾਹੀਦਾ ਹੈ ਅਤੇ ਨਵੀਂ ਪੀੜ੍ਹੀ ਨੂੰ ਗੁਰਬਾਣੀ ਨਾਲ ਜੋੜਨਾ ਚਾਹੀਦਾ ਹੈ। ਇਸ ਮੌਕੇ ਪ੍ਰਬੰਧਕ ਕਮੇਟੀ ਵੱਲੋਂ ਉਨ੍ਹਾਂ ਨੂੰ ਸਿਰੋਪਾਓ ਅਤੇ ਸਨਮਾਨ ਚਿੰਨ੍ਹ ਦੇ ਕੇ ਸਨਮਾਨਿਤ ਕੀਤਾ ਗਿਆ। ਸੰਗਤਾਂ ਨੇ ਵੱਡੀ ਗਿਣਤੀ ਵਿੱਚ ਹਾਜ਼ਰੀ ਭਰੀ।
ਗੁਰਦਾਸਪੁਰ 'ਚ ਵੱਡਾ...
ਹਨ। ਮਾਮਲੇ ਦੀ ਜਾਣਕਾਰੀ ਦਿੰਦੇ ਹੋਏ ਪੁਲਿਸ ਅਧਿਕਾਰੀ ਨੇ ਦੱਸਿਆ ਕਿ ਗੁਪਤ ਸੂਚਨਾ ਦੇ ਆਧਾਰ 'ਤੇ ਕਾਰਵਾਈ ਕਰਦਿਆਂ ਮੁਲਜ਼ਮਾਂ ਨੂੰ ਕਾਬੂ ਕੀਤਾ ਗਿਆ ਹੈ। ਉਨ੍ਹਾਂ ਕੋਲੋਂ ਭਾਰੀ ਮਾਤਰਾ ਵਿੱਚ ਨਸ਼ੀਲੇ ਪਦਾਰਥ ਬਰਾਮਦ ਹੋਏ ਹਨ। ਪੁਲਿਸ ਨੇ ਕਿਹਾ ਕਿ ਮਾਮਲੇ ਦੀ ਡੂੰਘਾਈ ਨਾਲ ਜਾਂਚ ਕੀਤੀ ਜਾ ਰਹੀ ਹੈ ਅਤੇ ਇਸ ਨੈੱਟਵਰਕ ਨਾਲ ਜੁੜੇ ਹੋਰ ਲੋਕਾਂ ਦੀ ਪਛਾਣ ਕੀਤੀ ਜਾ ਰਹੀ ਹੈ।
ਸ੍ਰੀ ਗੁਰੂ ਗ੍ਰੰਥ ਸਾਹਿਬ ਜੀ ਦੇ...
ਹੋਵੇਗੀ। ਇਸ ਦੇ ਨਾਲ ਸੰਗਤ ਵਿੱਚ ਪੰਜਾਬ ਸਰਕਾਰ ਵਲੋਂ ਪੰਜਾਬ ਕੈਬਨਿਟ ਦੇ ਮੰਤਰੀਆਂ ਨੂੰ ਵੀ ਸੱਦਾ ਦਿੱਤਾ ਗਿਆ ਹੈ। ਸ੍ਰੀ ਅਕਾਲ ਤਖ਼ਤ ਸਾਹਿਬ ਦੇ ਜਥੇਦਾਰ ਵੱਲੋਂ ਇਸ ਮਾਮਲੇ ਵਿੱਚ ਸਖ਼ਤ ਰੁਖ਼ ਅਪਣਾਇਆ ਗਿਆ ਹੈ। ਉਨ੍ਹਾਂ ਨੇ ਕਿਹਾ ਕਿ ਸ੍ਰੀ ਗੁਰੂ ਗ੍ਰੰਥ ਸਾਹਿਬ ਜੀ ਦੇ ਸਰੂਪਾਂ ਦੀ ਬੇਅਦਬੀ ਕਿਸੇ ਵੀ ਕੀਮਤ 'ਤੇ ਬਰਦਾਸ਼ਤ ਨਹੀਂ ਕੀਤੀ ਜਾਵੇਗੀ। ਸਿੱਖ ਜਥੇਬੰਦੀਆਂ ਨੇ ਮੰਗ ਕੀਤੀ ਹੈ ਕਿ ਦੋਸ਼ੀਆਂ ਨੂੰ ਸਖ਼ਤ ਸਜ਼ਾ ਦਿੱਤੀ ਜਾਵੇ। ਇਸ ਮੌਕੇ ਸੰਗਤ ਦੇ ਨੁਮਾਇੰਦੇ, ਪ੍ਰਬੰਧਕ ਅਤੇ ਵੱਖ-ਵੱਖ ਧਾਰਮਿਕ ਸ਼ਖ਼ਸੀਅਤਾਂ ਹਾਜ਼ਰ ਸਨ। ਜਥੇਦਾਰ ਨੇ ਕਿਹਾ ਕਿ ਇਸ ਮਾਮਲੇ ਦੀ ਨਿਰਪੱਖ ਜਾਂਚ ਲਈ ਵਿਸ਼ੇਸ਼ ਕਮੇਟੀ ਬਣਾਈ ਗਈ ਹੈ ਜੋ ਆਪਣੀ ਰਿਪੋਰਟ ਜਲਦ ਪੇਸ਼ ਕਰੇਗੀ। ਸਿੱਖ ਸੰਗਤ ਨੇ ਇਸ ਫੈਸਲੇ ਦਾ ਸਵਾਗਤ ਕੀਤਾ।
ਸ੍ਰੀ ਅਕਾਲ ਤਖ਼ਤ ਸਾਹਿਬ..
ਗਿਆਨੀ ਕੁਲਦੀਪ ਸਿੰਘ ਗੜਗੱਜ ਨੇ ਇਸ ਮਾਮਲੇ 'ਤੇ ਕਿਹਾ ਕਿ ਸਿੱਖ ਪੰਥ ਦੀਆਂ ਮਰਯਾਦਾਵਾਂ ਦੀ ਉਲੰਘਣਾ ਕਰਨ ਵਾਲਿਆਂ ਵਿਰੁੱਧ ਕਾਰਵਾਈ ਕੀਤੀ ਜਾਵੇਗੀ। ਉਨ੍ਹਾਂ ਨੇ ਪੰਜ ਸਿੰਘ ਸਾਹਿਬਾਨ ਦੀ ਇਕੱਤਰਤਾ ਵਿੱਚ ਲਏ ਗਏ ਫੈਸਲਿਆਂ ਦੀ ਜਾਣਕਾਰੀ ਦਿੱਤੀ। ਇਕੱਤਰਤਾ ਵਿੱਚ ਕਈ ਅਹਿਮ ਮਾਮਲਿਆਂ 'ਤੇ ਵਿਚਾਰ ਕੀਤਾ ਗਿਆ ਅਤੇ ਕੁਝ ਵਿਅਕਤੀਆਂ ਨੂੰ ਤਨਖ਼ਾਹੀਆ ਕਰਾਰ ਦਿੱਤਾ ਗਿਆ। ਜਥੇਦਾਰ ਨੇ ਸੰਗਤਾਂ ਨੂੰ ਅਪੀਲ ਕੀਤੀ ਕਿ ਉਹ ਪੰਥਕ ਏਕਤਾ ਬਣਾਈ ਰੱਖਣ। ਇਸ ਮੌਕੇ ਗਿਆਨੀ ਰਘਬੀਰ ਸਿੰਘ, ਗਿਆਨੀ ਸੁਲਤਾਨ ਸਿੰਘ, ਗਿਆਨੀ ਬਾਬਾ ਟੇਕ ਸਿੰਘ ਅਤੇ ਹੋਰ ਸਿੰਘ ਸਾਹਿਬਾਨ ਹਾਜ਼ਰ ਸਨ। ਉਨ੍ਹਾਂ ਨੇ ਕਿਹਾ ਕਿ ਸ੍ਰੀ ਅਕਾਲ ਤਖ਼ਤ ਸਾਹਿਬ ਸਿੱਖ ਕੌਮ ਦੀ ਸਰਵਉੱਚ ਸੰਸਥਾ ਹੈ ਅਤੇ ਇਸ ਦੇ ਹੁਕਮਾਂ ਦੀ ਪਾਲਣਾ ਕਰਨਾ ਹਰ ਸਿੱਖ ਦਾ ਫ਼ਰਜ਼ ਹੈ। ਜਥੇਦਾਰ ਨੇ ਕਿਹਾ ਕਿ ਜੋ ਵੀ ਸਿੱਖ ਸਿਧਾਂਤਾਂ ਵਿਰੁੱਧ ਕੰਮ ਕਰੇਗਾ ਉਸ ਵਿਰੁੱਧ ਪੰਥਕ ਰਵਾਇਤਾਂ ਅਨੁਸਾਰ ਕਾਰਵਾਈ ਹੋਵੇਗੀ। ਉਨ੍ਹਾਂ ਨੇ ਸਾਰੀਆਂ ਸਿੱਖ ਜਥੇਬੰਦੀਆਂ ਨੂੰ ਇੱਕਜੁੱਟ ਹੋਣ ਦਾ ਸੱਦਾ ਦਿੱਤਾ। ਇਸ ਮੌਕੇ ਸ਼੍ਰੋਮਣੀ ਕਮੇਟੀ ਦੇ ਮੈਂਬਰ ਅਤੇ ਹੋਰ ਪੰਥਕ ਸ਼ਖ਼ਸੀਅਤਾਂ ਵੀ ਮੌਜੂਦ ਸਨ। ਸੰਗਤਾਂ ਨੇ ਜੈਕਾਰਿਆਂ ਨਾਲ ਇਸ ਫੈਸਲੇ ਦਾ ਸਮਰਥਨ ਕੀਤਾ।
ਸੰਪਰਕ : 88722-93883.
ਵਿਧਾਇਕ ਸਿੱਧੂ ਨੇ ਕੀਤੀ ਵਾਰਡ ਨੰਬਰ 47 ਤੇ 51 'ਚ ਨਹਿਰੀ ਜਲ ਸਪਲਾਈ ਪ੍ਰੋਜੈਕਟ ਦੀ ਸ਼ੁਰੂਆਤ
ਲੁਧਿਆਣਾ, 1 ਦਸੰਬਰ (ਰਵਿੰਦਰ ਅਰੋੜਾ) ਹਲਕਾ ਆਤਮ ਨਗਰ ਤੋਂ ਵਿਧਾਇਕ ਕੁਲਵੰਤ ਸਿੰਘ ਸਿੱਧੂ ਵੱਲੋਂ ਵਾਰਡ ਨੰਬਰ 47 ਅਤੇ 51 ਵਿੱਚ ਨਹਿਰੀ ਜਲ ਸਪਲਾਈ ਪ੍ਰੋਜੈਕਟ ਦੀ ਸ਼ੁਰੂਆਤ ਕੀਤੀ ਗਈ। ਇਸ ਮੌਕੇ ਉਨ੍ਹਾਂ ਨੇ ਕਿਹਾ ਕਿ ਇਸ ਪ੍ਰੋਜੈਕਟ ਨਾਲ ਇਲਾਕਾ ਵਾਸੀਆਂ ਨੂੰ ਸਾਫ਼ ਅਤੇ ਸ਼ੁੱਧ ਪੀਣ ਵਾਲਾ ਪਾਣੀ ਮਿਲੇਗਾ। ਉਨ੍ਹਾਂ ਨੇ ਦੱਸਿਆ ਕਿ ਪੰਜਾਬ ਸਰਕਾਰ ਵੱਲੋਂ ਹਰ ਘਰ ਤੱਕ ਸਾਫ਼ ਪਾਣੀ ਪਹੁੰਚਾਉਣ ਦਾ ਟੀਚਾ ਰੱਖਿਆ ਗਿਆ ਹੈ। ਇਸ ਮੌਕੇ ਨਗਰ ਨਿਗਮ ਦੇ ਅਧਿਕਾਰੀ, ਕੌਂਸਲਰ ਅਤੇ ਵੱਡੀ ਗਿਣਤੀ ਵਿੱਚ ਇਲਾਕਾ ਨਿਵਾਸੀ ਹਾਜ਼ਰ ਸਨ। ਇਲਾਕਾ ਵਾਸੀਆਂ ਨੇ ਵਿਧਾਇਕ ਦਾ ਧੰਨਵਾਦ ਕੀਤਾ। ਉਨ੍ਹਾਂ ਕਿਹਾ ਕਿ ਲੰਬੇ ਸਮੇਂ ਤੋਂ ਉਹ ਪਾਣੀ ਦੀ ਸਮੱਸਿਆ ਦਾ ਸਾਹਮਣਾ ਕਰ ਰਹੇ ਸਨ।
Editor, Printer and Publisher Rishabdeep Singh, Printed at: Impression Printing & Packaging (Ltd.) Plot No. 22 Phase-2 industrial Area Panchkula (Haryana) 134109 & Published From 3223, First Floor, Sector-35D, Chandigarh
